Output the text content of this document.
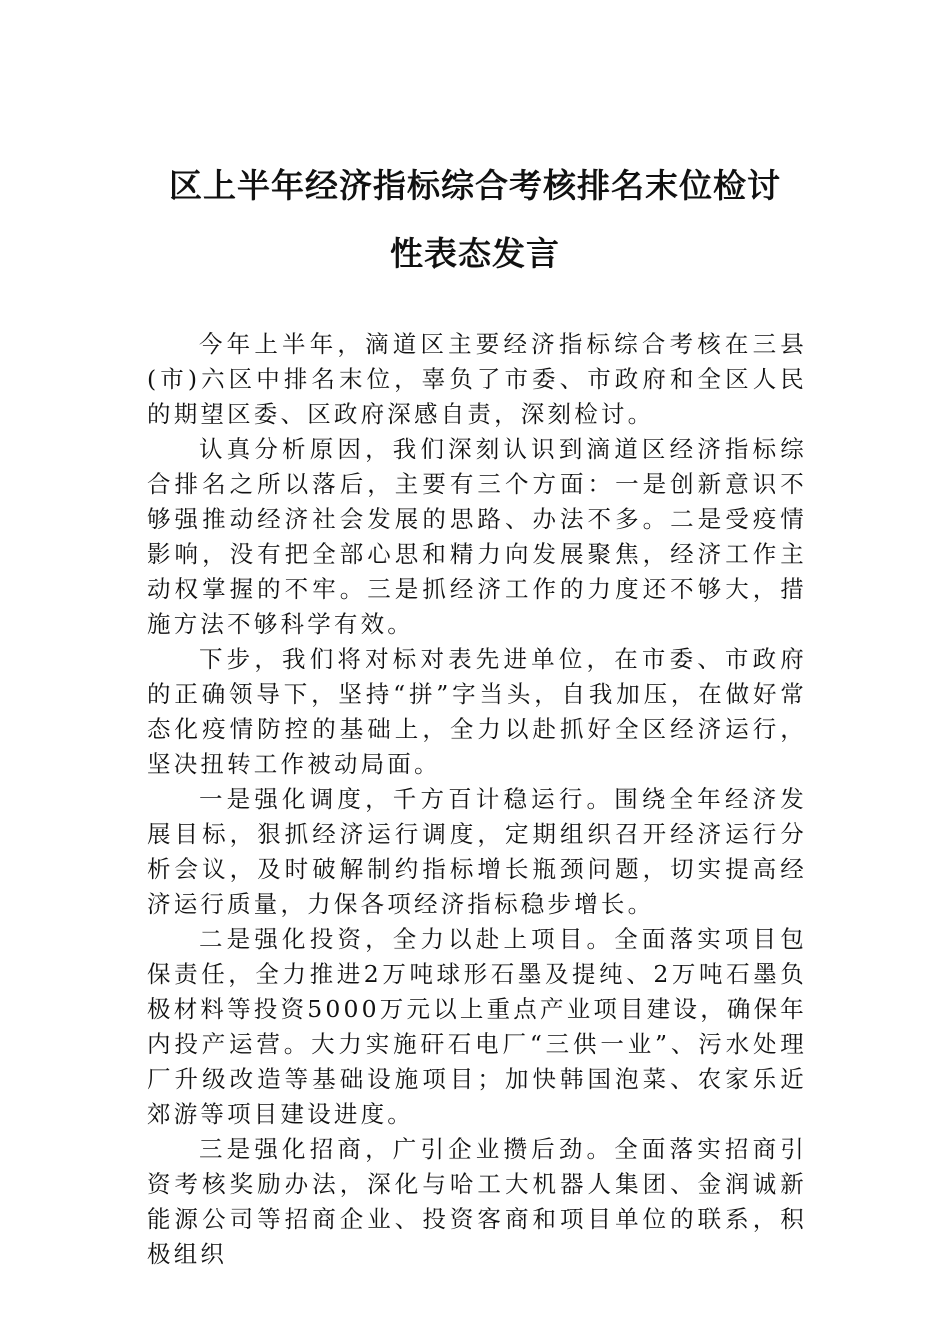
区上半年经济指标综合考核排名末位检讨
性表态发言

今年上半年，滴道区主要经济指标综合考核在三县(市)六区中排名末位，辜负了市委、市政府和全区人民的期望区委、区政府深感自责，深刻检讨。

认真分析原因，我们深刻认识到滴道区经济指标综合排名之所以落后，主要有三个方面：一是创新意识不够强推动经济社会发展的思路、办法不多。二是受疫情影响，没有把全部心思和精力向发展聚焦，经济工作主动权掌握的不牢。三是抓经济工作的力度还不够大，措施方法不够科学有效。

下步，我们将对标对表先进单位，在市委、市政府的正确领导下，坚持“拼”字当头，自我加压，在做好常态化疫情防控的基础上，全力以赴抓好全区经济运行，坚决扭转工作被动局面。

一是强化调度，千方百计稳运行。围绕全年经济发展目标，狠抓经济运行调度，定期组织召开经济运行分析会议，及时破解制约指标增长瓶颈问题，切实提高经济运行质量，力保各项经济指标稳步增长。

二是强化投资，全力以赴上项目。全面落实项目包保责任，全力推进2万吨球形石墨及提纯、2万吨石墨负极材料等投资5000万元以上重点产业项目建设，确保年内投产运营。大力实施矸石电厂“三供一业”、污水处理厂升级改造等基础设施项目；加快韩国泡菜、农家乐近郊游等项目建设进度。

三是强化招商，广引企业攒后劲。全面落实招商引资考核奖励办法，深化与哈工大机器人集团、金润诚新能源公司等招商企业、投资客商和项目单位的联系，积极组织
